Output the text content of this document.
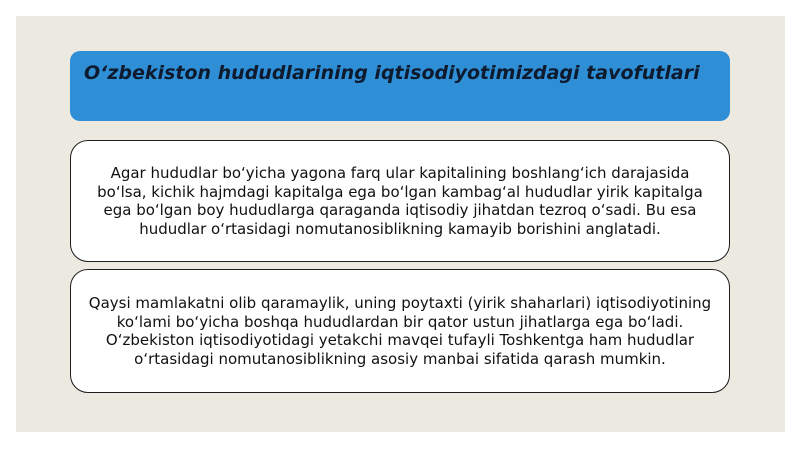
O‘zbekiston hududlarining iqtisodiyotimizdagi tavofutlari

Agar hududlar bo‘yicha yagona farq ular kapitalining boshlang‘ich darajasida bo‘lsa, kichik hajmdagi kapitalga ega bo‘lgan kambag‘al hududlar yirik kapitalga ega bo‘lgan boy hududlarga qaraganda iqtisodiy jihatdan tezroq o‘sadi. Bu esa hududlar o‘rtasidagi nomutanosiblikning kamayib borishini anglatadi.

Qaysi mamlakatni olib qaramaylik, uning poytaxti (yirik shaharlari) iqtisodiyotining ko‘lami bo‘yicha boshqa hududlardan bir qator ustun jihatlarga ega bo‘ladi. O‘zbekiston iqtisodiyotidagi yetakchi mavqei tufayli Toshkentga ham hududlar o‘rtasidagi nomutanosiblikning asosiy manbai sifatida qarash mumkin.
